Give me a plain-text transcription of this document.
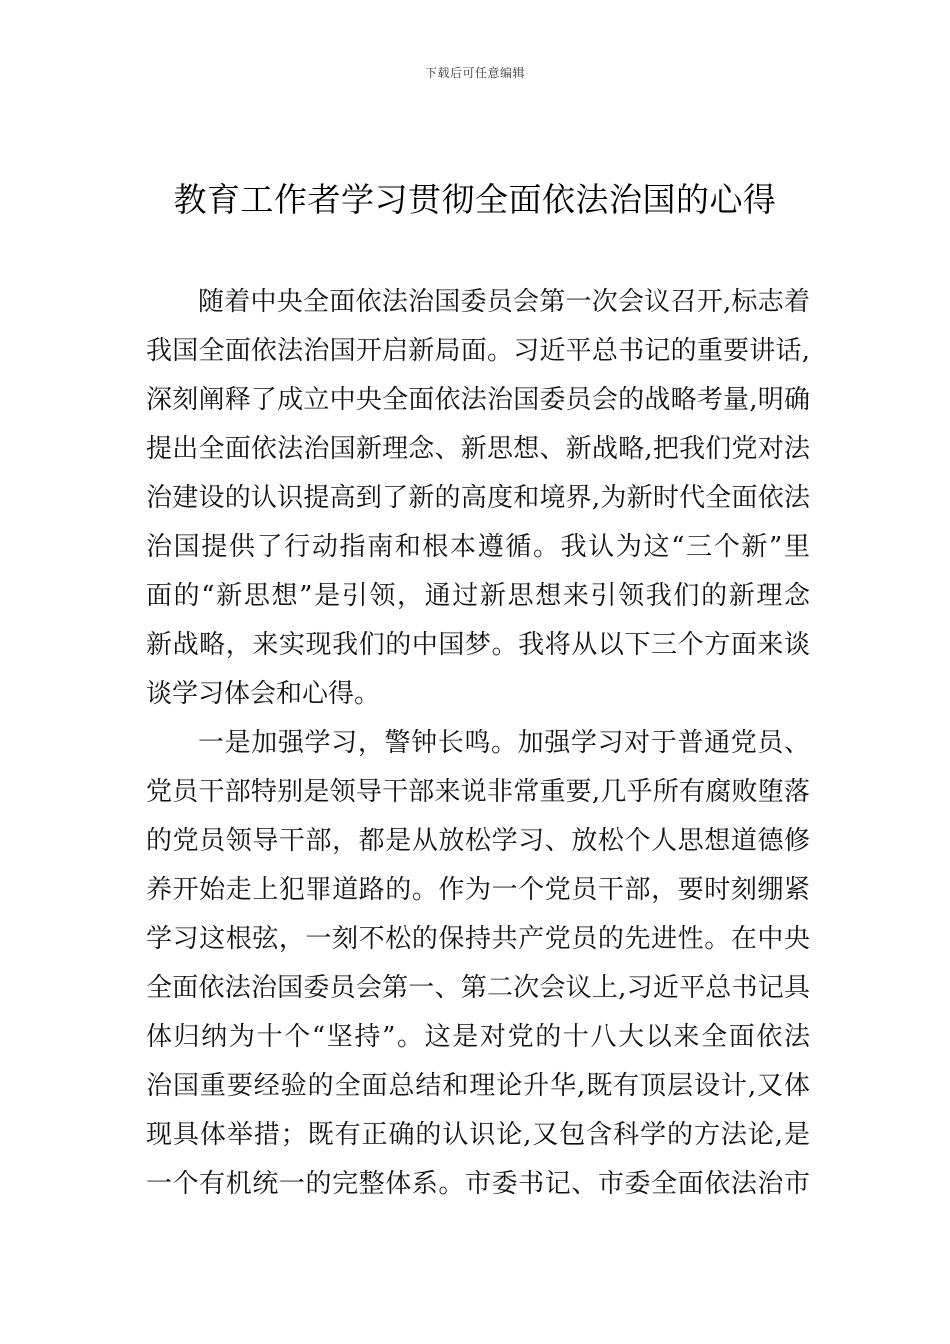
下载后可任意编辑
教育工作者学习贯彻全面依法治国的心得
随着中央全面依法治国委员会第一次会议召开,标志着
我国全面依法治国开启新局面。习近平总书记的重要讲话,
深刻阐释了成立中央全面依法治国委员会的战略考量,明确
提出全面依法治国新理念、新思想、新战略,把我们党对法
治建设的认识提高到了新的高度和境界,为新时代全面依法
治国提供了行动指南和根本遵循。我认为这“三个新”里
面的“新思想”是引领，通过新思想来引领我们的新理念
新战略，来实现我们的中国梦。我将从以下三个方面来谈
谈学习体会和心得。
一是加强学习，警钟长鸣。加强学习对于普通党员、
党员干部特别是领导干部来说非常重要,几乎所有腐败堕落
的党员领导干部，都是从放松学习、放松个人思想道德修
养开始走上犯罪道路的。作为一个党员干部，要时刻绷紧
学习这根弦，一刻不松的保持共产党员的先进性。在中央
全面依法治国委员会第一、第二次会议上,习近平总书记具
体归纳为十个“坚持”。这是对党的十八大以来全面依法
治国重要经验的全面总结和理论升华,既有顶层设计,又体
现具体举措；既有正确的认识论,又包含科学的方法论,是
一个有机统一的完整体系。市委书记、市委全面依法治市
